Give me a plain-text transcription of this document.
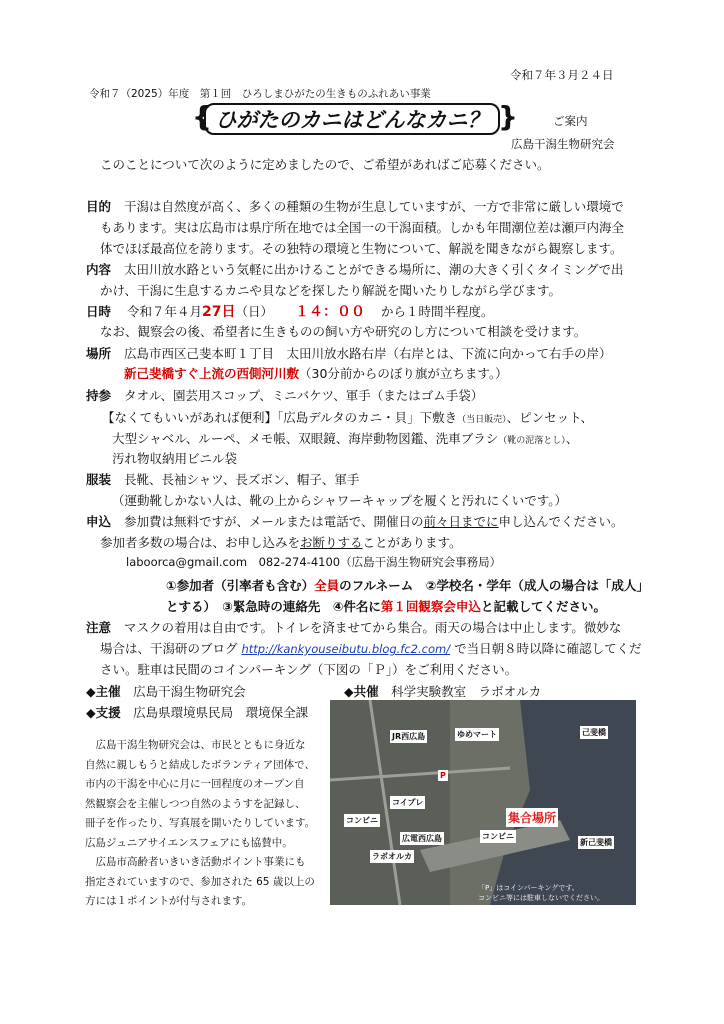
令和７年３月２４日
令和７（2025）年度　第１回　ひろしまひがたの生きものふれあい事業
{ ひがたのカニはどんなカニ？ }	ご案内
広島干潟生物研究会
このことについて次のように定めましたので、ご希望があればご応募ください。
目的 干潟は自然度が高く、多くの種類の生物が生息していますが、一方で非常に厳しい環境で
もあります。実は広島市は県庁所在地では全国一の干潟面積。しかも年間潮位差は瀬戸内海全
体でほぼ最高位を誇ります。その独特の環境と生物について、解説を聞きながら観察します。
内容 太田川放水路という気軽に出かけることができる場所に、潮の大きく引くタイミングで出
かけ、干潟に生息するカニや貝などを探したり解説を聞いたりしながら学びます。
日時 令和７年４月27日（日） １４：００ から１時間半程度。
なお、観察会の後、希望者に生きものの飼い方や研究のし方について相談を受けます。
場所 広島市西区己斐本町１丁目　太田川放水路右岸（右岸とは、下流に向かって右手の岸）
新己斐橋すぐ上流の西側河川敷（30分前からのぼり旗が立ちます。）
持参 タオル、園芸用スコップ、ミニバケツ、軍手（またはゴム手袋）
【なくてもいいがあれば便利】「広島デルタのカニ・貝」下敷き（当日販売）、ピンセット、
大型シャベル、ルーペ、メモ帳、双眼鏡、海岸動物図鑑、洗車ブラシ（靴の泥落とし）、
汚れ物収納用ビニル袋
服装 長靴、長袖シャツ、長ズボン、帽子、軍手
（運動靴しかない人は、靴の上からシャワーキャップを履くと汚れにくいです。）
申込 参加費は無料ですが、メールまたは電話で、開催日の前々日までに申し込んでください。
参加者多数の場合は、お申し込みをお断りすることがあります。
laboorca@gmail.com　082-274-4100（広島干潟生物研究会事務局）
①参加者（引率者も含む）全員のフルネーム　②学校名・学年（成人の場合は「成人」
とする）　③緊急時の連絡先　④件名に第１回観察会申込と記載してください。
注意 マスクの着用は自由です。トイレを済ませてから集合。雨天の場合は中止します。微妙な
場合は、干潟研のブログ http://kankyouseibutu.blog.fc2.com/ で当日朝８時以降に確認してくだ
さい。駐車は民間のコインパーキング（下図の「Ｐ」）をご利用ください。
◆主催　 広島干潟生物研究会	◆共催　 科学実験教室　ラボオルカ
◆支援　 広島県環境県民局　環境保全課
　広島干潟生物研究会は、市民とともに身近な
自然に親しもうと結成したボランティア団体で、
市内の干潟を中心に月に一回程度のオープン自
然観察会を主催しつつ自然のようすを記録し、
冊子を作ったり、写真展を開いたりしています。
広島ジュニアサイエンスフェアにも協賛中。
　広島市高齢者いきいき活動ポイント事業にも
指定されていますので、参加された 65 歳以上の
方には１ポイントが付与されます。
JR西広島	ゆめマート	己斐橋
コイプレ
コンビニ
コンビニ
広電西広島
ラボオルカ
集合場所
新己斐橋
P
「P」はコインパーキングです。
コンビニ等には駐車しないでください。
